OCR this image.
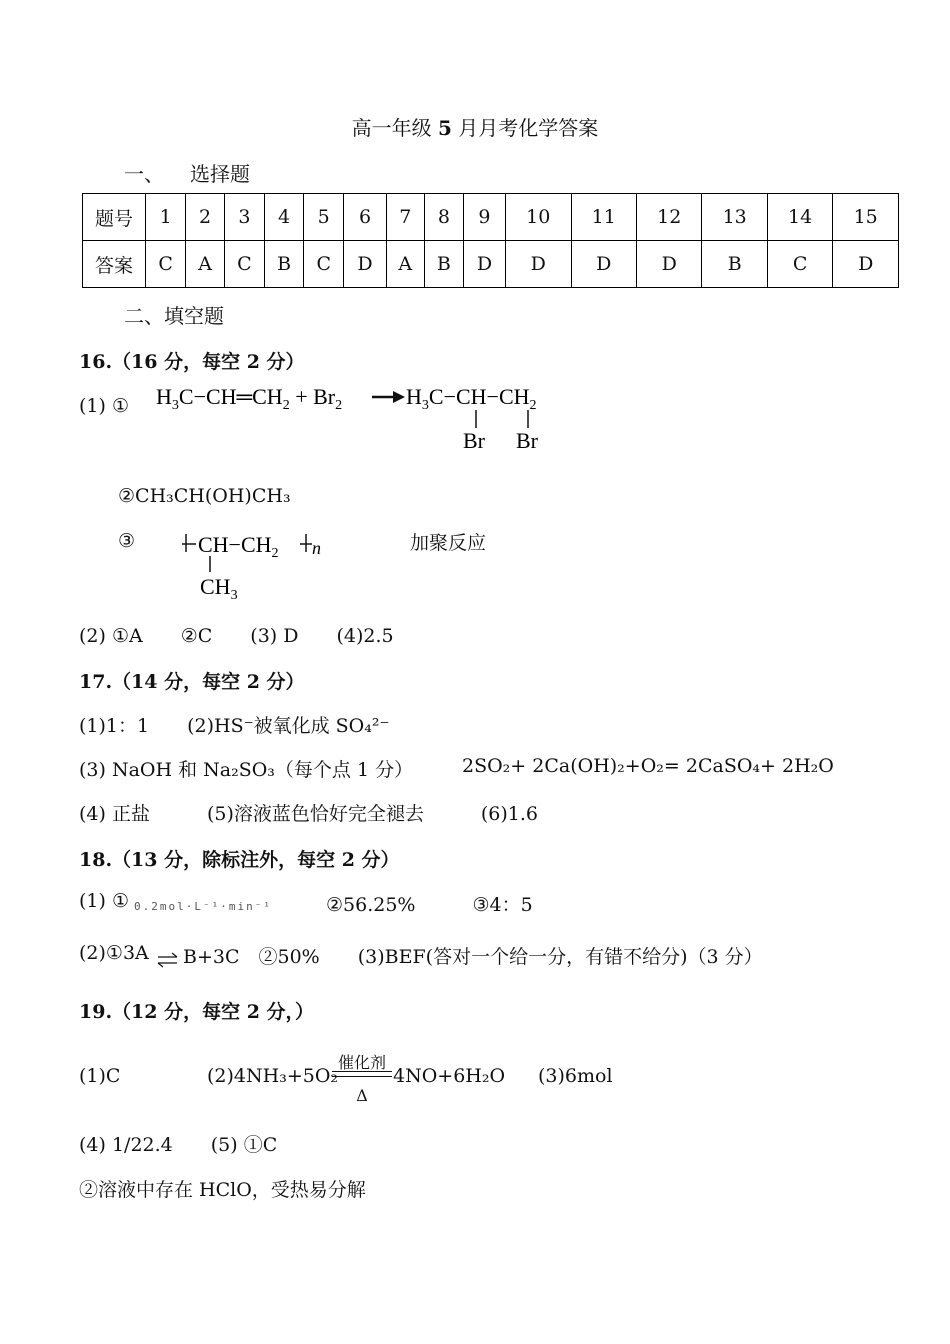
高一年级 5 月月考化学答案
一、 选择题
题号	1	2	3	4	5	6	7	8	9	10	11	12	13	14	15
答案	C	A	C	B	C	D	A	B	D	D	D	D	B	C	D
二、填空题
16.（16 分，每空 2 分）
(1) ① $H_3C-CH═CH_2 + Br_2$	$H_3C-CH-CH_2$
Br Br
②CH₃CH(OH)CH₃
③	$CH-CH_2$ n
$CH_3$
加聚反应
(2) ①A　　②C　　(3) D　　(4)2.5
17.（14 分，每空 2 分）
(1)1：1　　(2)HS⁻被氧化成 SO₄²⁻
(3) NaOH 和 Na₂SO₃（每个点 1 分）	2SO₂+ 2Ca(OH)₂+O₂= 2CaSO₄+ 2H₂O
(4) 正盐　　　(5)溶液蓝色恰好完全褪去　　　(6)1.6
18.（13 分，除标注外，每空 2 分）
(1) ① 0.2mol·L⁻¹·min⁻¹	②56.25%　　　③4：5
(2)①3A ⇌ B+3C　②50%　　(3)BEF(答对一个给一分，有错不给分)（3 分）
19.（12 分，每空 2 分，）
(1)C	(2)4NH₃+5O₂
催化剂
Δ
4NO+6H₂O (3)6mol
(4) 1/22.4　　(5) ①C
②溶液中存在 HClO，受热易分解
